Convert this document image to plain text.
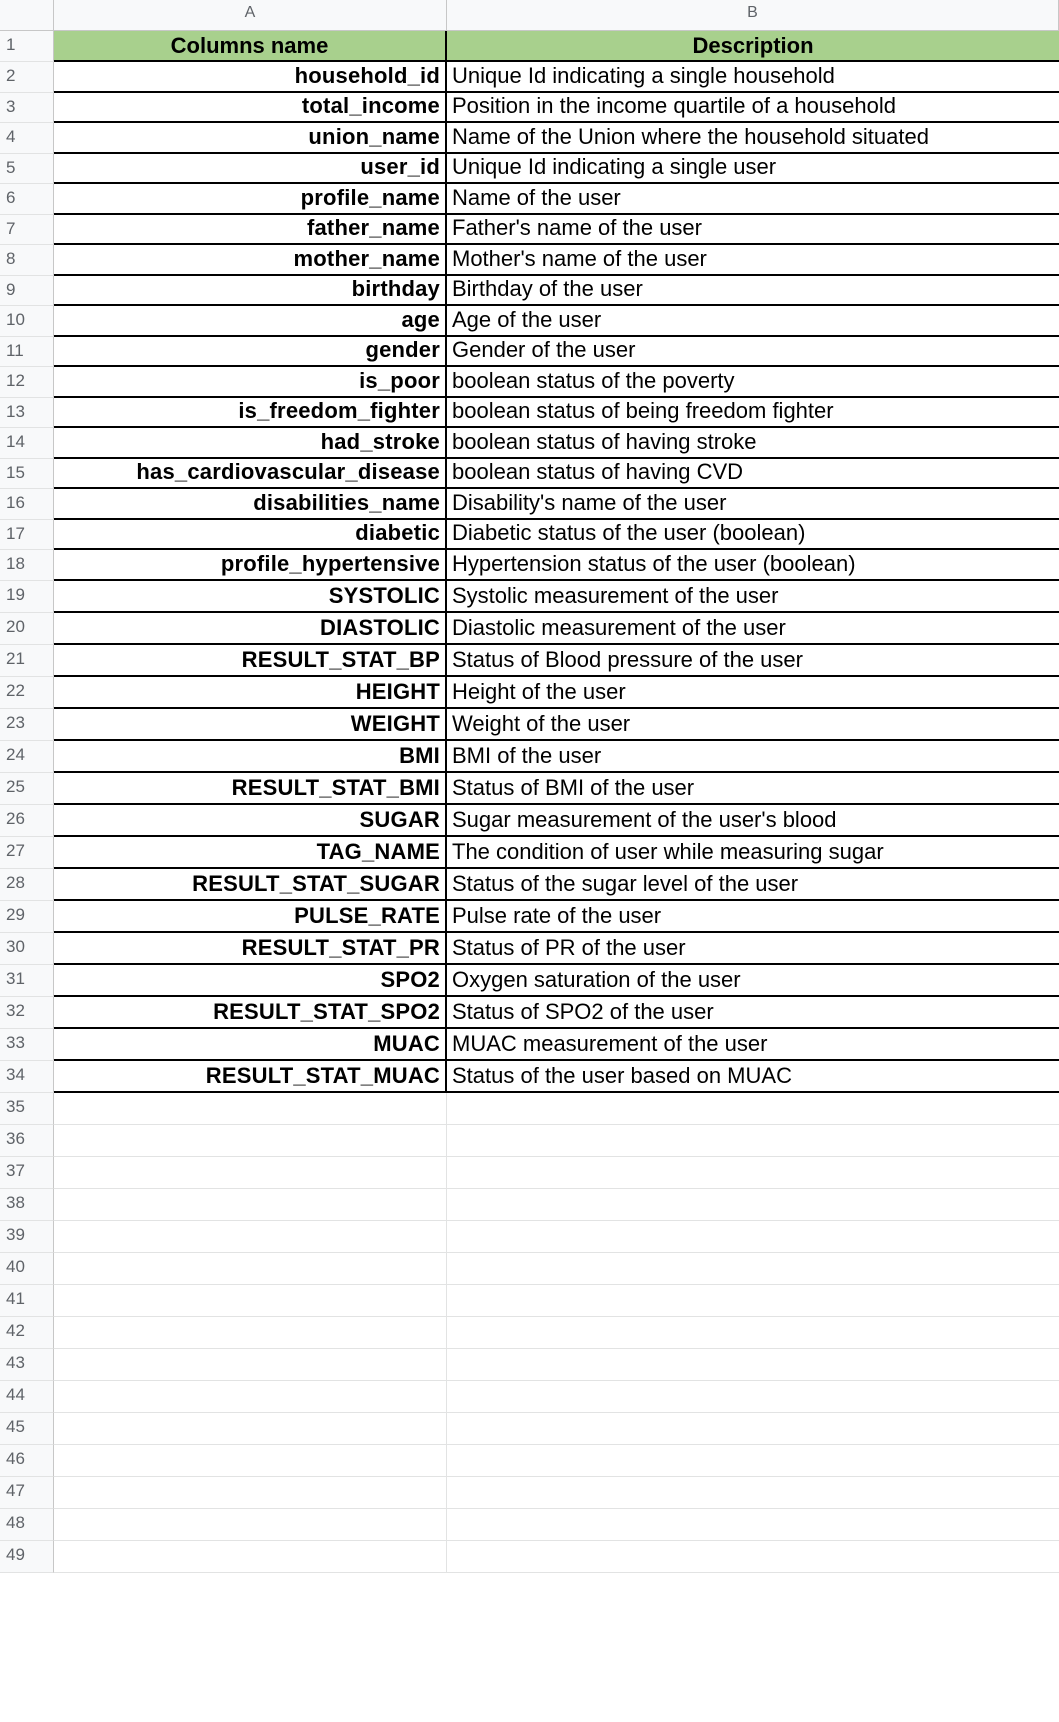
A	B
1	Columns name	Description
2	household_id Unique Id indicating a single household
3	total_income Position in the income quartile of a household
4	union_name Name of the Union where the household situated
5	user_id Unique Id indicating a single user
6	profile_name Name of the user
7	father_name Father's name of the user
8	mother_name Mother's name of the user
9	birthday Birthday of the user
10	age Age of the user
11	gender Gender of the user
12	is_poor boolean status of the poverty
13	is_freedom_fighter boolean status of being freedom fighter
14	had_stroke boolean status of having stroke
15	has_cardiovascular_disease boolean status of having CVD
16	disabilities_name Disability's name of the user
17	diabetic Diabetic status of the user (boolean)
18	profile_hypertensive Hypertension status of the user (boolean)
19	SYSTOLIC Systolic measurement of the user
20	DIASTOLIC Diastolic measurement of the user
21	RESULT_STAT_BP Status of Blood pressure of the user
22	HEIGHT Height of the user
23	WEIGHT Weight of the user
24	BMI BMI of the user
25	RESULT_STAT_BMI Status of BMI of the user
26	SUGAR Sugar measurement of the user's blood
27	TAG_NAME The condition of user while measuring sugar
28	RESULT_STAT_SUGAR Status of the sugar level of the user
29	PULSE_RATE Pulse rate of the user
30	RESULT_STAT_PR Status of PR of the user
31	SPO2 Oxygen saturation of the user
32	RESULT_STAT_SPO2 Status of SPO2 of the user
33	MUAC MUAC measurement of the user
34	RESULT_STAT_MUAC Status of the user based on MUAC
35
36
37
38
39
40
41
42
43
44
45
46
47
48
49
